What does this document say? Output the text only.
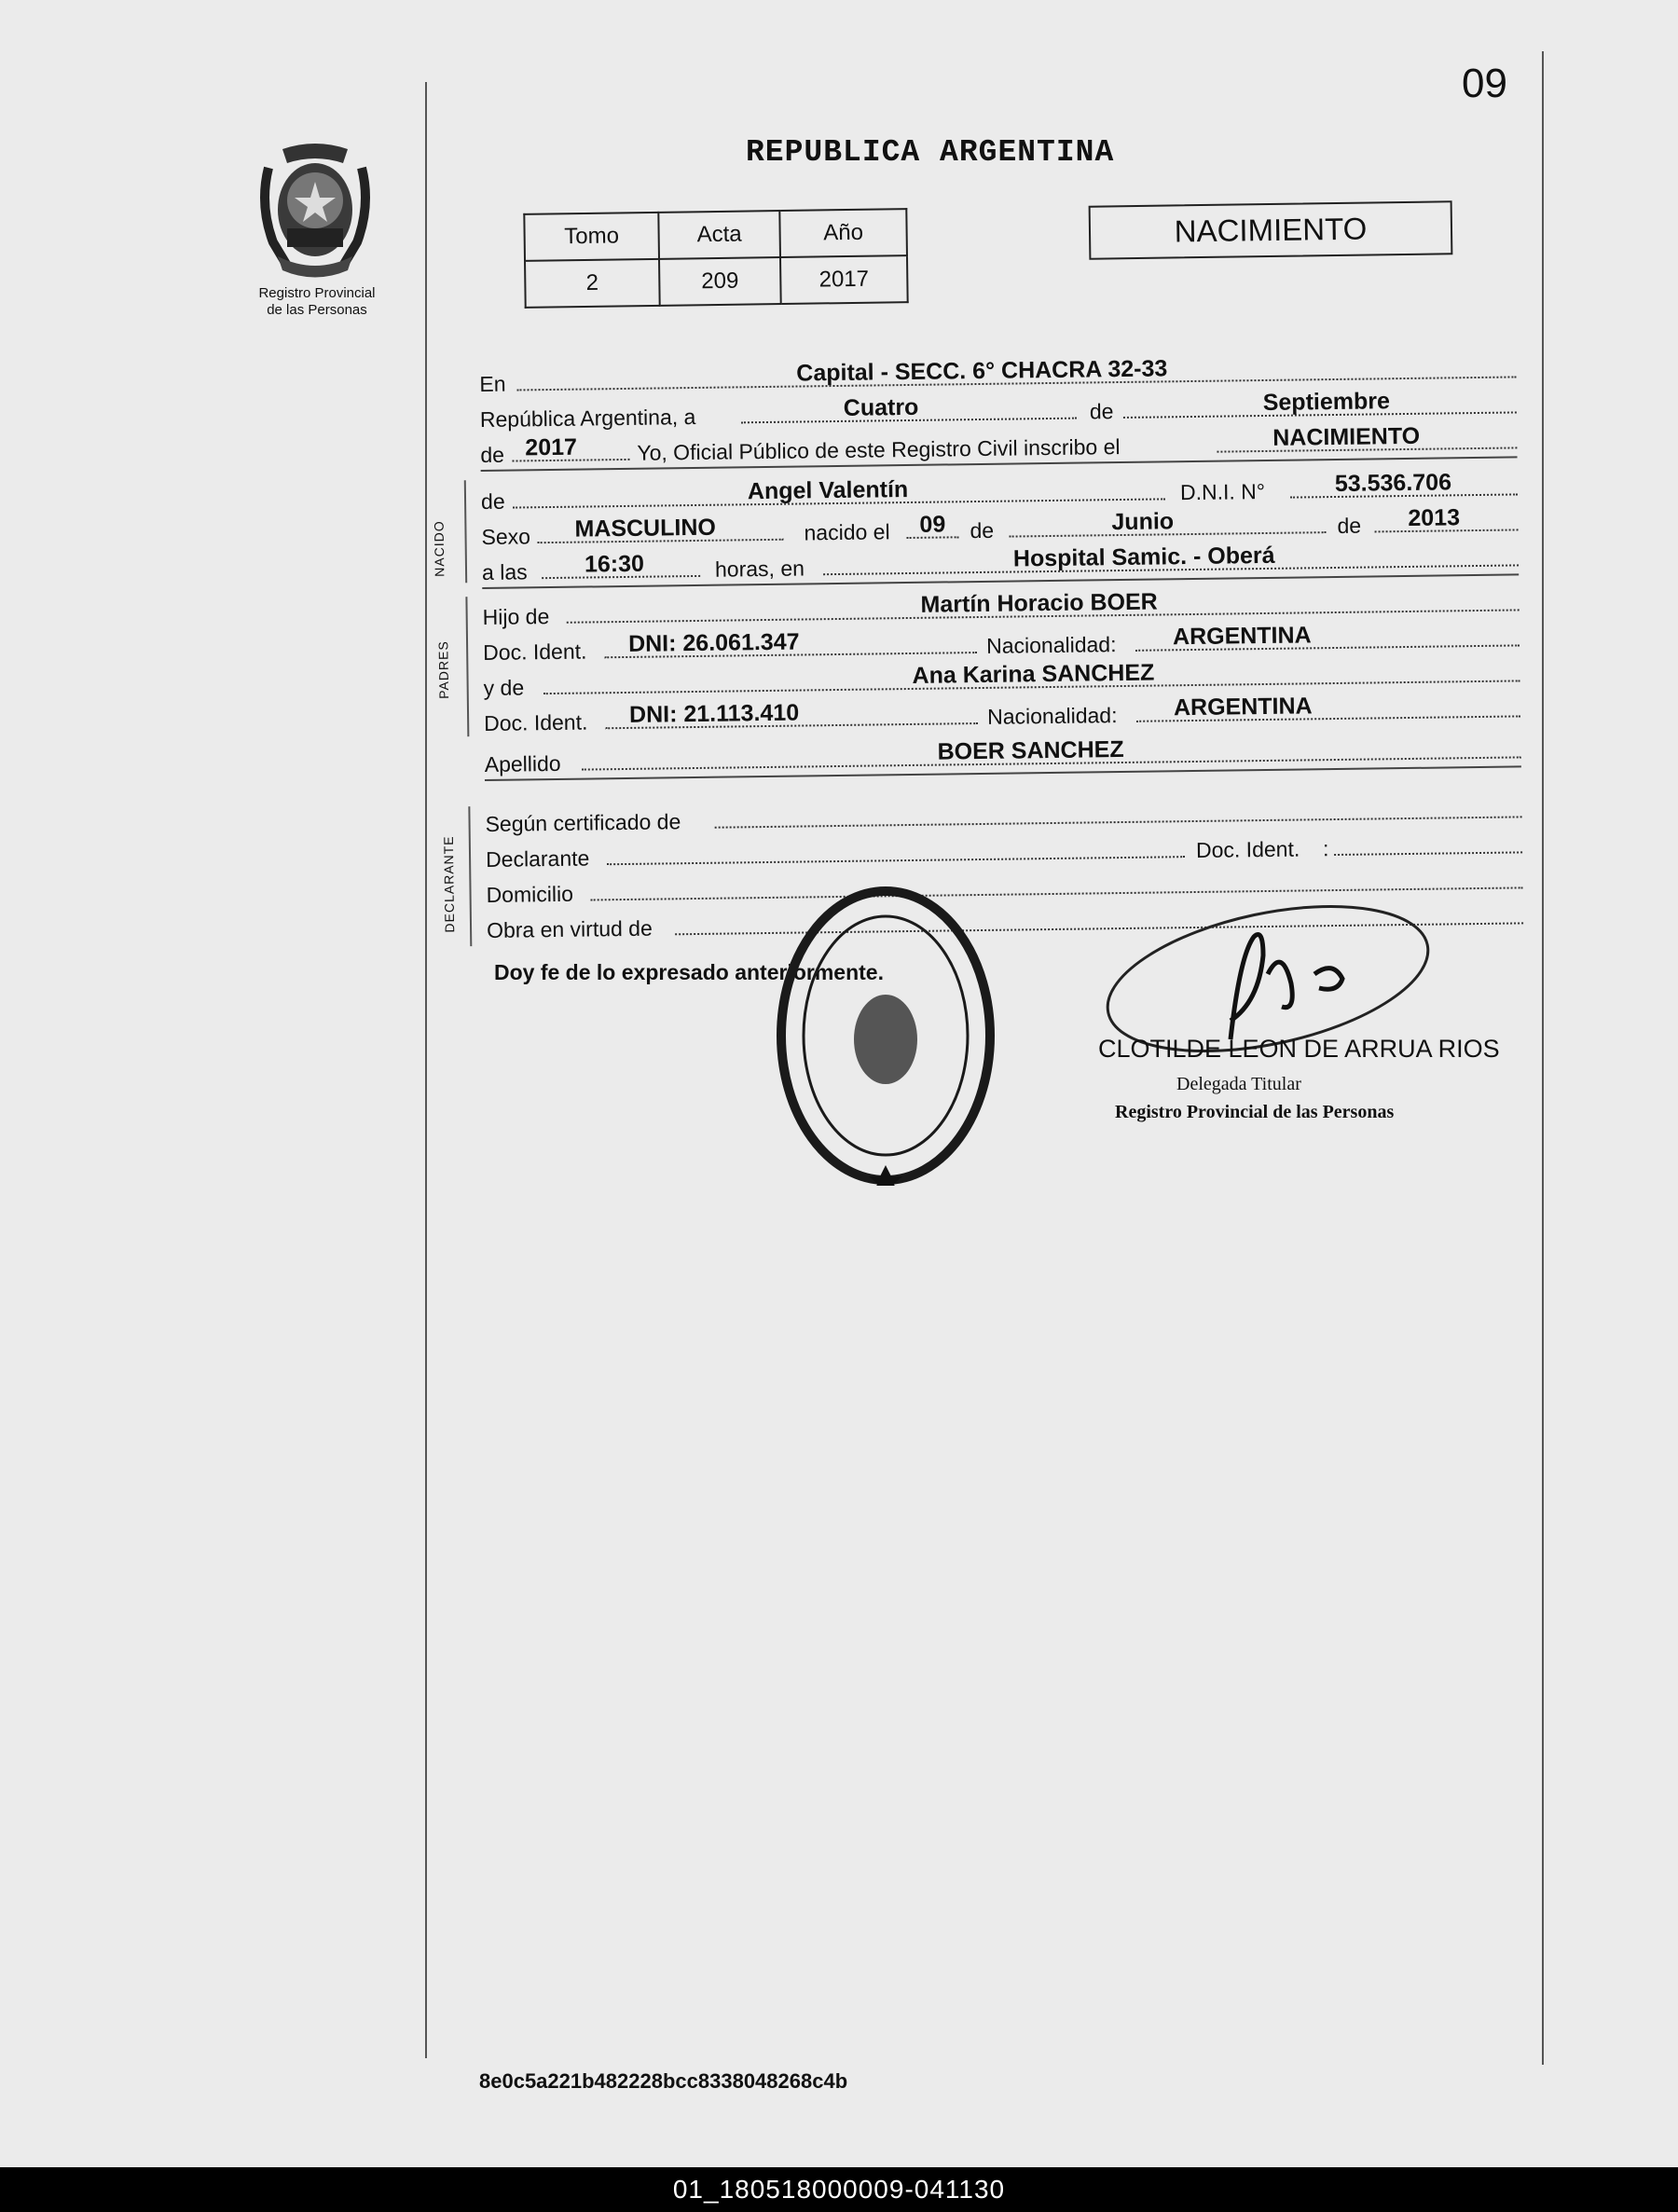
09
Registro Provincial
de las Personas
REPUBLICA ARGENTINA
Tomo	Acta	Año
2	209	2017
NACIMIENTO
En	Capital - SECC. 6° CHACRA 32-33
República Argentina, a	Cuatro	de	Septiembre
de 2017	Yo, Oficial Público de este Registro Civil inscribo el	NACIMIENTO
NACIDO
de	Angel Valentín	D.N.I. N°	53.536.706
Sexo MASCULINO	nacido el 09 de	Junio	de 2013
a las 16:30	horas, en	Hospital Samic. - Oberá
PADRES
Hijo de	Martín Horacio BOER
Doc. Ident. DNI: 26.061.347	Nacionalidad: ARGENTINA
y de	Ana Karina SANCHEZ
Doc. Ident. DNI: 21.113.410	Nacionalidad: ARGENTINA
Apellido	BOER SANCHEZ
DECLARANTE
Según certificado de
Declarante	Doc. Ident. :
Domicilio
Obra en virtud de
Doy fe de lo expresado anteriormente.
CLOTILDE LEON DE ARRUA RIOS
Delegada Titular
Registro Provincial de las Personas
8e0c5a221b482228bcc8338048268c4b
01_180518000009-041130
